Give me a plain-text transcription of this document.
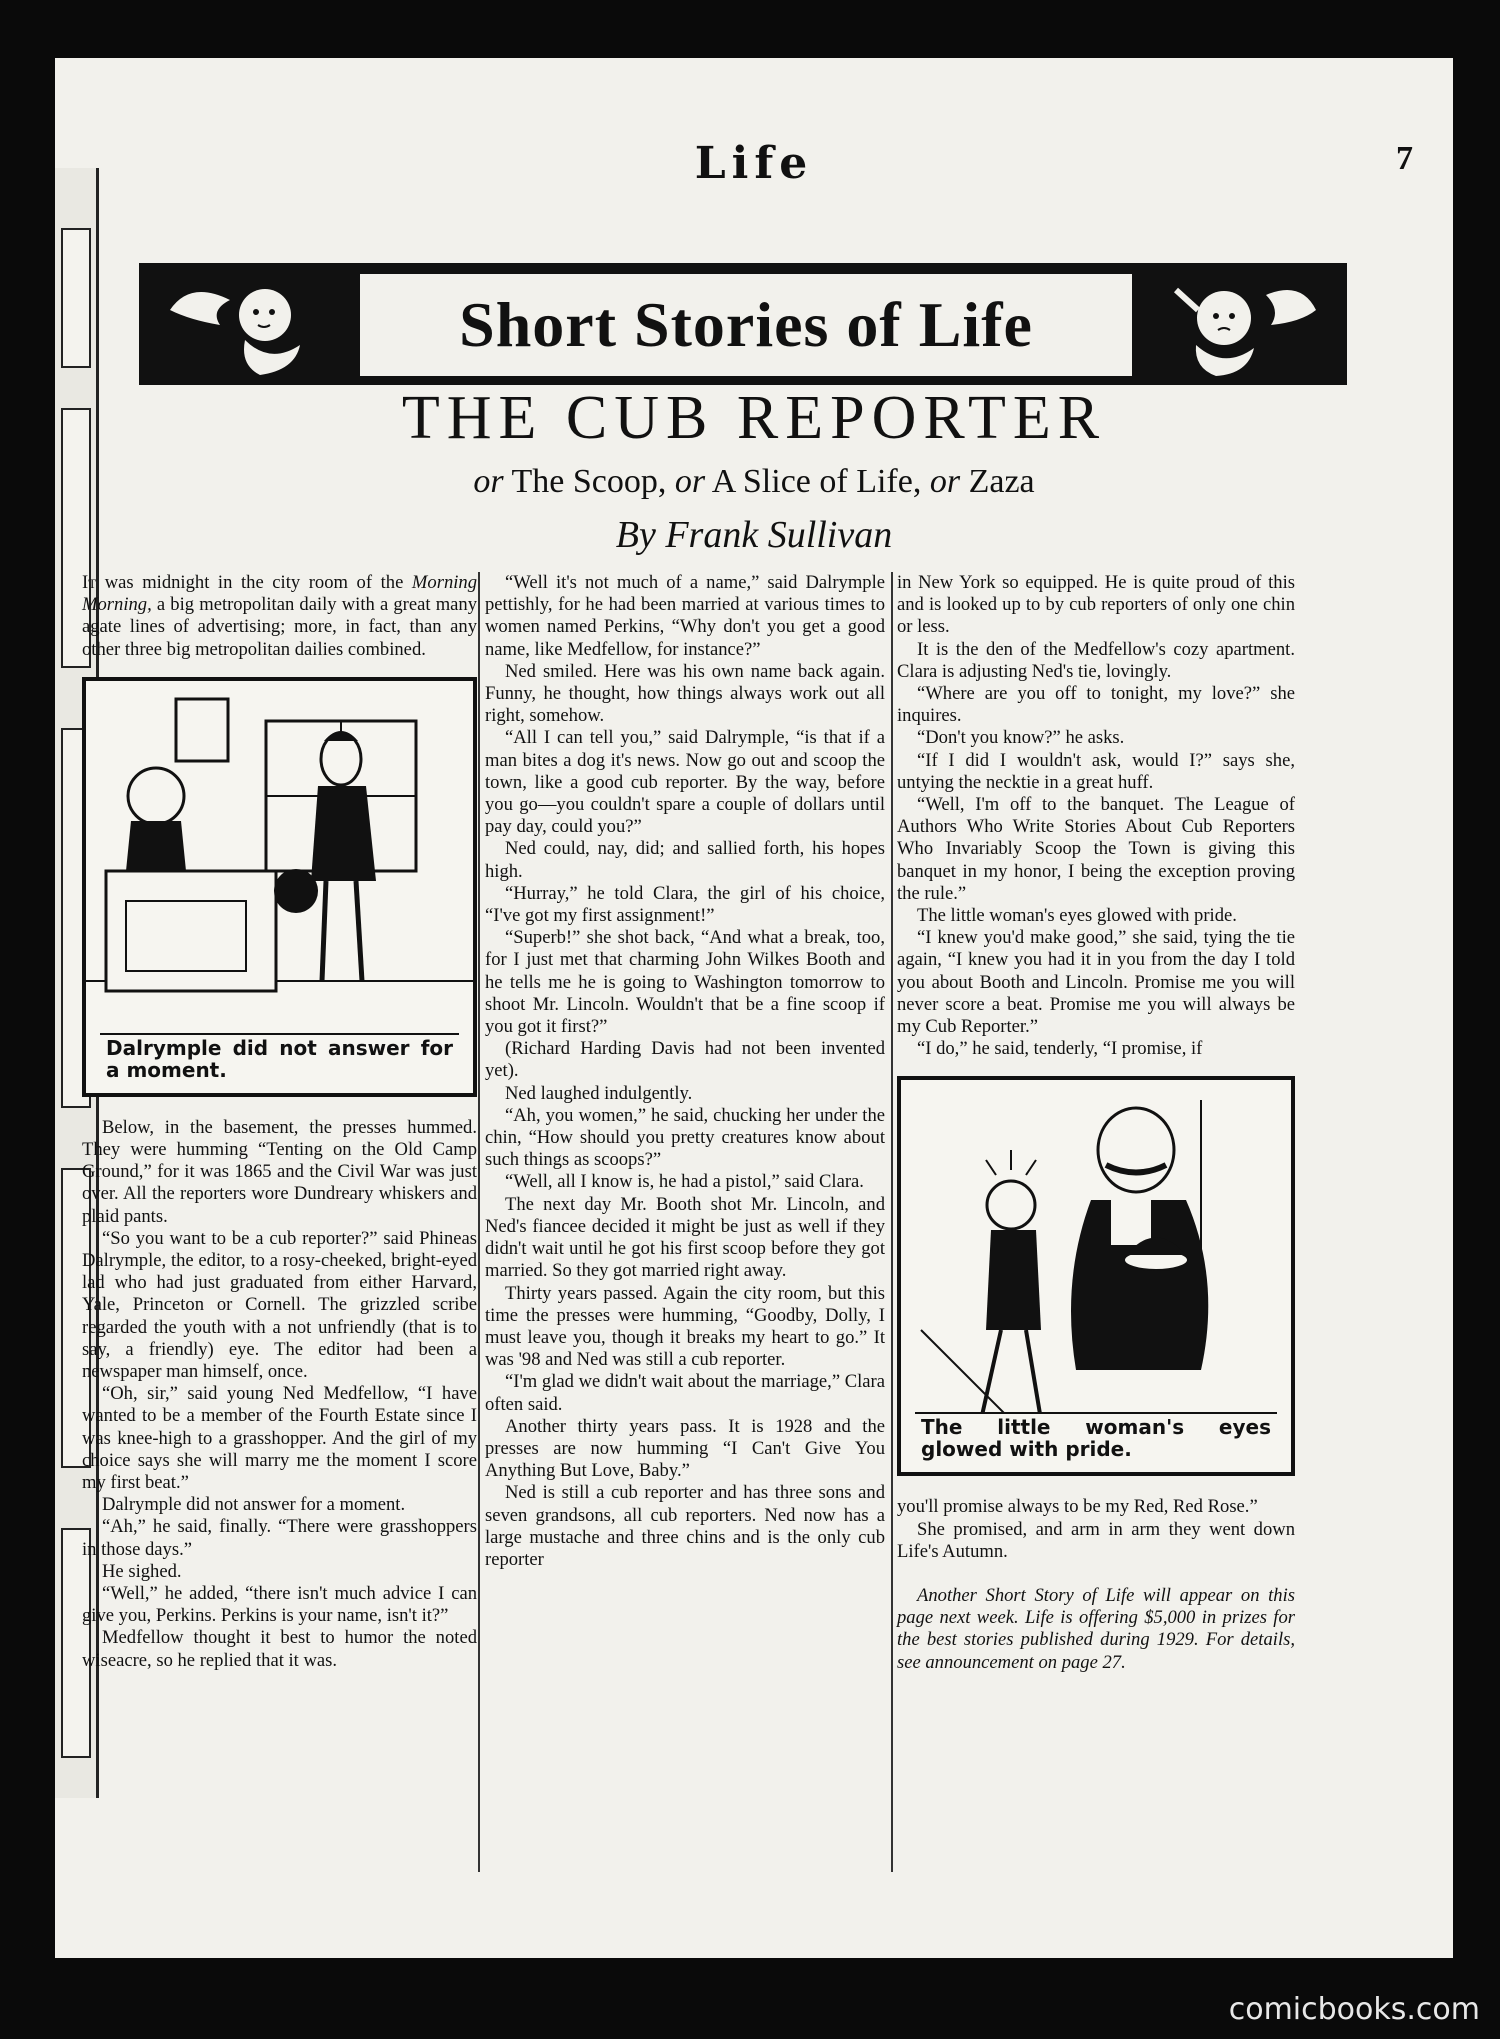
Life	7
Short Stories of Life
THE CUB REPORTER
or The Scoop, or A Slice of Life, or Zaza
By Frank Sullivan

It was midnight in the city room of the Morning Morning, a big metropolitan daily with a great many agate lines of advertising; more, in fact, than any other three big metropolitan dailies combined.

Dalrymple did not answer for a moment.

Below, in the basement, the presses hummed. They were humming “Tenting on the Old Camp Ground,” for it was 1865 and the Civil War was just over. All the reporters wore Dundreary whiskers and plaid pants.

“So you want to be a cub reporter?” said Phineas Dalrymple, the editor, to a rosy-cheeked, bright-eyed lad who had just graduated from either Harvard, Yale, Princeton or Cornell. The grizzled scribe regarded the youth with a not unfriendly (that is to say, a friendly) eye. The editor had been a newspaper man himself, once.

“Oh, sir,” said young Ned Medfellow, “I have wanted to be a member of the Fourth Estate since I was knee-high to a grasshopper. And the girl of my choice says she will marry me the moment I score my first beat.”

Dalrymple did not answer for a moment.

“Ah,” he said, finally. “There were grasshoppers in those days.”

He sighed.

“Well,” he added, “there isn't much advice I can give you, Perkins. Perkins is your name, isn't it?”

Medfellow thought it best to humor the noted wiseacre, so he replied that it was.

“Well it's not much of a name,” said Dalrymple pettishly, for he had been married at various times to women named Perkins, “Why don't you get a good name, like Medfellow, for instance?”

Ned smiled. Here was his own name back again. Funny, he thought, how things always work out all right, somehow.

“All I can tell you,” said Dalrymple, “is that if a man bites a dog it's news. Now go out and scoop the town, like a good cub reporter. By the way, before you go—you couldn't spare a couple of dollars until pay day, could you?”

Ned could, nay, did; and sallied forth, his hopes high.

“Hurray,” he told Clara, the girl of his choice, “I've got my first assignment!”

“Superb!” she shot back, “And what a break, too, for I just met that charming John Wilkes Booth and he tells me he is going to Washington tomorrow to shoot Mr. Lincoln. Wouldn't that be a fine scoop if you got it first?”

(Richard Harding Davis had not been invented yet).

Ned laughed indulgently.

“Ah, you women,” he said, chucking her under the chin, “How should you pretty creatures know about such things as scoops?”

“Well, all I know is, he had a pistol,” said Clara.

The next day Mr. Booth shot Mr. Lincoln, and Ned's fiancee decided it might be just as well if they didn't wait until he got his first scoop before they got married. So they got married right away.

Thirty years passed. Again the city room, but this time the presses were humming, “Goodby, Dolly, I must leave you, though it breaks my heart to go.” It was '98 and Ned was still a cub reporter.

“I'm glad we didn't wait about the marriage,” Clara often said.

Another thirty years pass. It is 1928 and the presses are now humming “I Can't Give You Anything But Love, Baby.”

Ned is still a cub reporter and has three sons and seven grandsons, all cub reporters. Ned now has a large mustache and three chins and is the only cub reporter

in New York so equipped. He is quite proud of this and is looked up to by cub reporters of only one chin or less.

It is the den of the Medfellow's cozy apartment. Clara is adjusting Ned's tie, lovingly.

“Where are you off to tonight, my love?” she inquires.

“Don't you know?” he asks.

“If I did I wouldn't ask, would I?” says she, untying the necktie in a great huff.

“Well, I'm off to the banquet. The League of Authors Who Write Stories About Cub Reporters Who Invariably Scoop the Town is giving this banquet in my honor, I being the exception proving the rule.”

The little woman's eyes glowed with pride.

“I knew you'd make good,” she said, tying the tie again, “I knew you had it in you from the day I told you about Booth and Lincoln. Promise me you will never score a beat. Promise me you will always be my Cub Reporter.”

“I do,” he said, tenderly, “I promise, if

The little woman's eyes glowed with pride.

you'll promise always to be my Red, Red Rose.”

She promised, and arm in arm they went down Life's Autumn.

Another Short Story of Life will appear on this page next week. Life is offering $5,000 in prizes for the best stories published during 1929. For details, see announcement on page 27.

comicbooks.com
